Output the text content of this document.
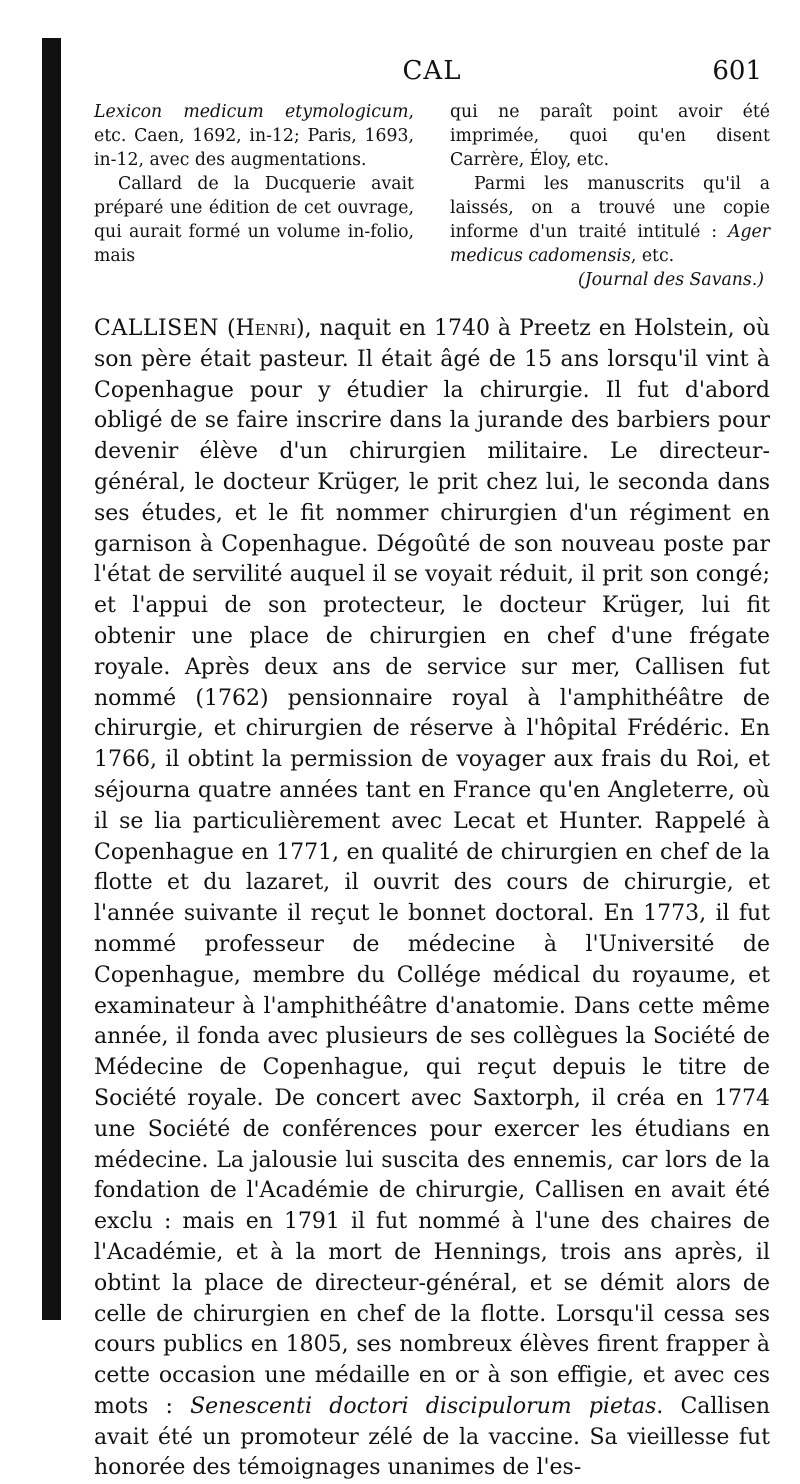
CAL	601

Lexicon medicum etymologicum, etc. Caen, 1692, in-12; Paris, 1693, in-12, avec des augmentations.

Callard de la Ducquerie avait préparé une édition de cet ouvrage, qui aurait formé un volume in-folio, mais

qui ne paraît point avoir été imprimée, quoi qu'en disent Carrère, Éloy, etc.

Parmi les manuscrits qu'il a laissés, on a trouvé une copie informe d'un traité intitulé : Ager medicus cadomensis, etc.

(Journal des Savans.)

CALLISEN (Henri), naquit en 1740 à Preetz en Holstein, où son père était pasteur. Il était âgé de 15 ans lorsqu'il vint à Copenhague pour y étudier la chirurgie. Il fut d'abord obligé de se faire inscrire dans la jurande des barbiers pour devenir élève d'un chirurgien militaire. Le directeur-général, le docteur Krüger, le prit chez lui, le seconda dans ses études, et le fit nommer chirurgien d'un régiment en garnison à Copenhague. Dégoûté de son nouveau poste par l'état de servilité auquel il se voyait réduit, il prit son congé; et l'appui de son protecteur, le docteur Krüger, lui fit obtenir une place de chirurgien en chef d'une frégate royale. Après deux ans de service sur mer, Callisen fut nommé (1762) pensionnaire royal à l'amphithéâtre de chirurgie, et chirurgien de réserve à l'hôpital Frédéric. En 1766, il obtint la permission de voyager aux frais du Roi, et séjourna quatre années tant en France qu'en Angleterre, où il se lia particulièrement avec Lecat et Hunter. Rappelé à Copenhague en 1771, en qualité de chirurgien en chef de la flotte et du lazaret, il ouvrit des cours de chirurgie, et l'année suivante il reçut le bonnet doctoral. En 1773, il fut nommé professeur de médecine à l'Université de Copenhague, membre du Collége médical du royaume, et examinateur à l'amphithéâtre d'anatomie. Dans cette même année, il fonda avec plusieurs de ses collègues la Société de Médecine de Copenhague, qui reçut depuis le titre de Société royale. De concert avec Saxtorph, il créa en 1774 une Société de conférences pour exercer les étudians en médecine. La jalousie lui suscita des ennemis, car lors de la fondation de l'Académie de chirurgie, Callisen en avait été exclu : mais en 1791 il fut nommé à l'une des chaires de l'Académie, et à la mort de Hennings, trois ans après, il obtint la place de directeur-général, et se démit alors de celle de chirurgien en chef de la flotte. Lorsqu'il cessa ses cours publics en 1805, ses nombreux élèves firent frapper à cette occasion une médaille en or à son effigie, et avec ces mots : Senescenti doctori discipulorum pietas. Callisen avait été un promoteur zélé de la vaccine. Sa vieillesse fut honorée des témoignages unanimes de l'es-
